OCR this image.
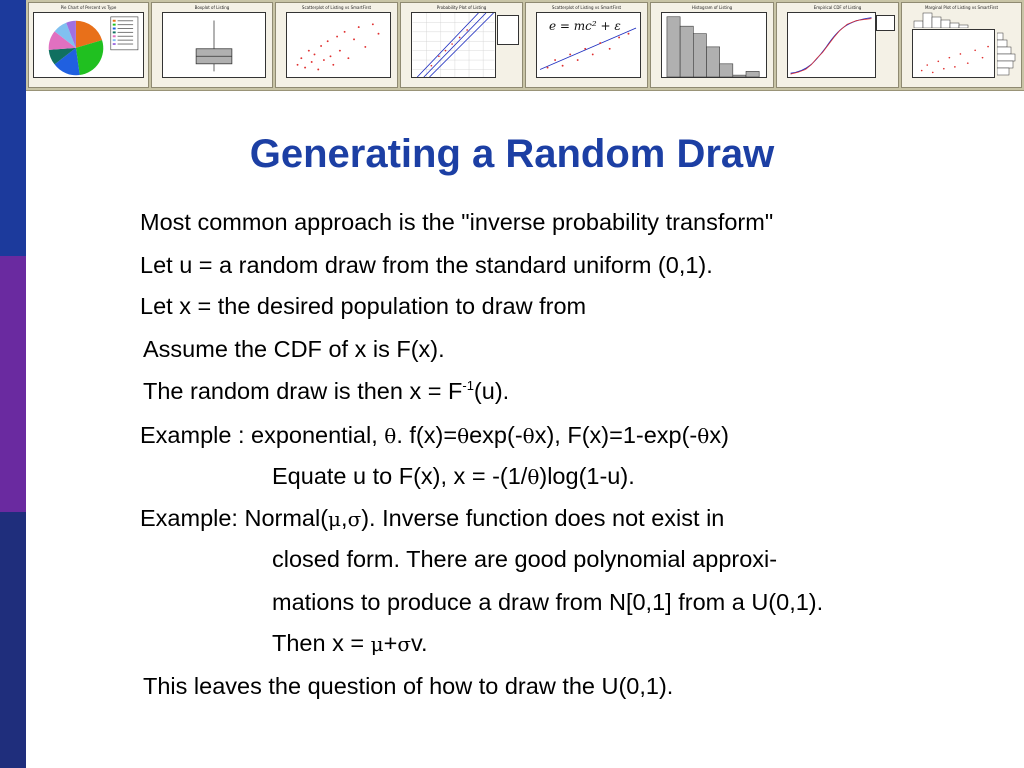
Pie Chart of Percent vs Type	Boxplot of Listing	Scatterplot of Listing vs SmartFirst	Probability Plot of Listing	Scatterplot of Listing vs SmartFirst
e = mc² + ε
Histogram of Listing	Empirical CDF of Listing	Marginal Plot of Listing vs SmartFirst
Generating a Random Draw
Most common approach is the "inverse probability transform"
Let u = a random draw from the standard uniform (0,1).
Let x = the desired population to draw from
Assume the CDF of x is F(x).
The random draw is then $x = F^{-1}(u)$.
Example : exponential, θ. f(x)=θexp(-θx), F(x)=1-exp(-θx)
Equate u to F(x), x = -(1/θ)log(1-u).
Example: Normal(μ,σ). Inverse function does not exist in
closed form. There are good polynomial approxi-
mations to produce a draw from N[0,1] from a U(0,1).
Then x = μ+σv.
This leaves the question of how to draw the U(0,1).
